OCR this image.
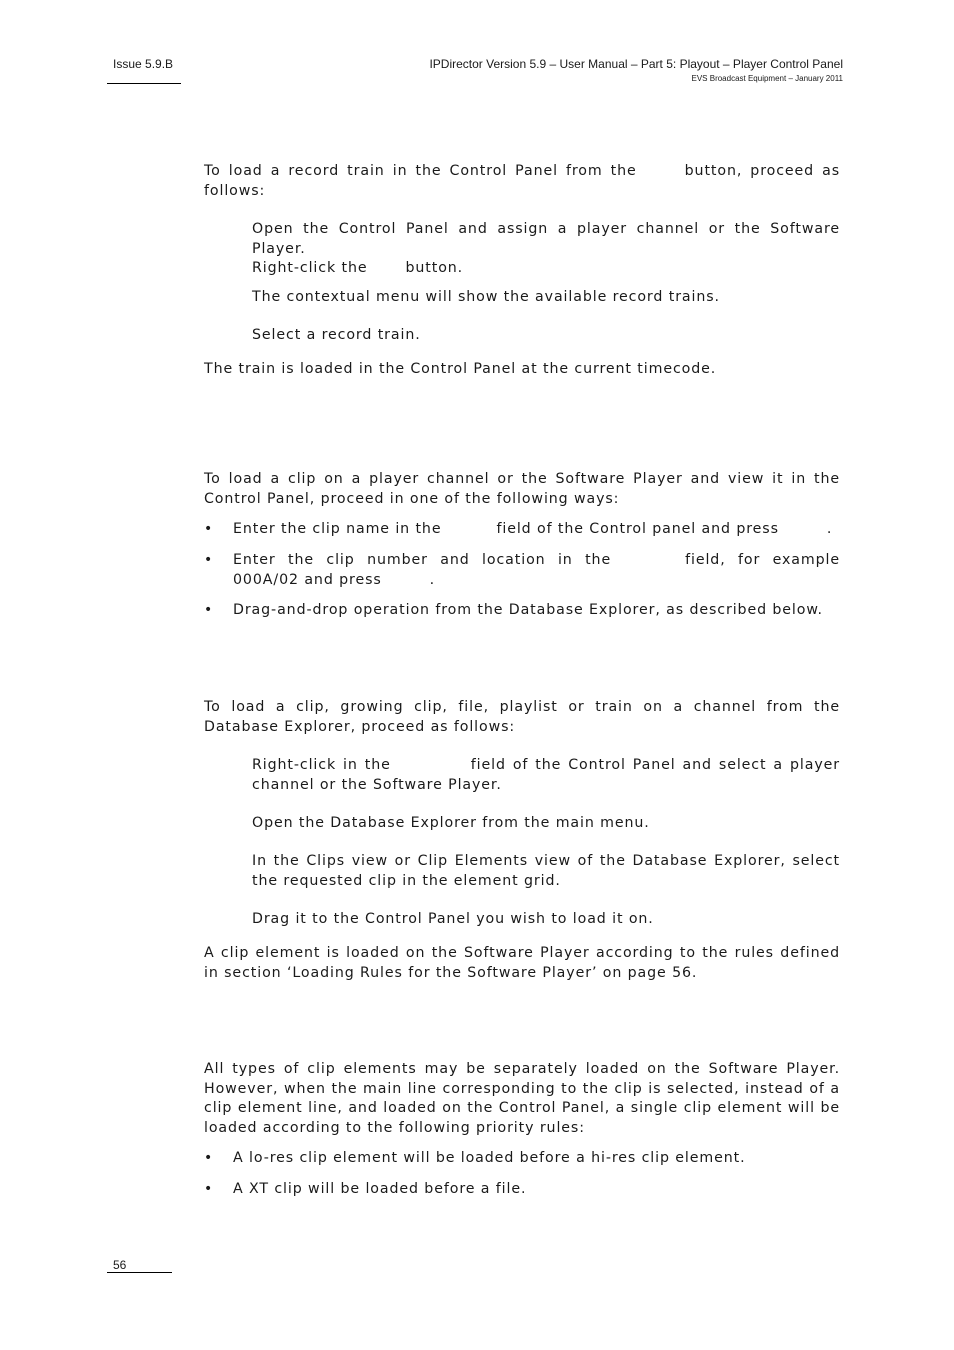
Issue 5.9.B	IPDirector Version 5.9 – User Manual – Part 5: Playout – Player Control Panel
EVS Broadcast Equipment – January 2011

To load a record train in the Control Panel from the	button, proceed as follows:

Open the Control Panel and assign a player channel or the Software Player.

Right-click the	button.

The contextual menu will show the available record trains.

Select a record train.

The train is loaded in the Control Panel at the current timecode.

To load a clip on a player channel or the Software Player and view it in the Control Panel, proceed in one of the following ways:

• Enter the clip name in the	field of the Control panel and press	.

• Enter the clip number and location in the	field, for example 000A/02 and press	.

• Drag-and-drop operation from the Database Explorer, as described below.

To load a clip, growing clip, file, playlist or train on a channel from the Database Explorer, proceed as follows:

Right-click in the	field of the Control Panel and select a player channel or the Software Player.

Open the Database Explorer from the main menu.

In the Clips view or Clip Elements view of the Database Explorer, select the requested clip in the element grid.

Drag it to the Control Panel you wish to load it on.

A clip element is loaded on the Software Player according to the rules defined in section ‘Loading Rules for the Software Player’ on page 56.

All types of clip elements may be separately loaded on the Software Player. However, when the main line corresponding to the clip is selected, instead of a clip element line, and loaded on the Control Panel, a single clip element will be loaded according to the following priority rules:

• A lo-res clip element will be loaded before a hi-res clip element.

• A XT clip will be loaded before a file.

56
